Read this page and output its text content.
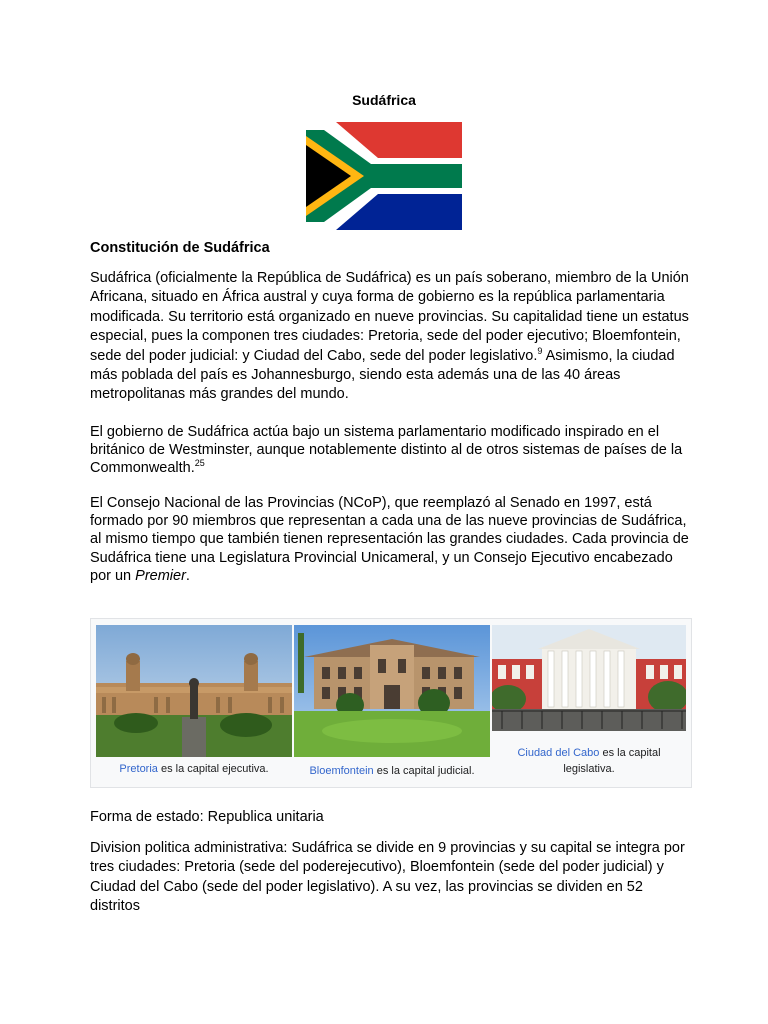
Sudáfrica
Constitución de Sudáfrica

Sudáfrica (oficialmente la República de Sudáfrica) es un país soberano, miembro de la Unión Africana, situado en África austral y cuya forma de gobierno es la república parlamentaria modificada. Su territorio está organizado en nueve provincias. Su capitalidad tiene un estatus especial, pues la componen tres ciudades: Pretoria, sede del poder ejecutivo; Bloemfontein, sede del poder judicial: y Ciudad del Cabo, sede del poder legislativo.$^9$ Asimismo, la ciudad más poblada del país es Johannesburgo, siendo esta además una de las 40 áreas metropolitanas más grandes del mundo.

El gobierno de Sudáfrica actúa bajo un sistema parlamentario modificado inspirado en el británico de Westminster, aunque notablemente distinto al de otros sistemas de países de la Commonwealth.$^{25}$

El Consejo Nacional de las Provincias (NCoP), que reemplazó al Senado en 1997, está formado por 90 miembros que representan a cada una de las nueve provincias de Sudáfrica, al mismo tiempo que también tienen representación las grandes ciudades. Cada provincia de Sudáfrica tiene una Legislatura Provincial Unicameral, y un Consejo Ejecutivo encabezado por un Premier.

Pretoria es la capital ejecutiva.	Bloemfontein es la capital judicial.
Ciudad del Cabo es la capital legislativa.

Forma de estado: Republica unitaria

Division politica administrativa: Sudáfrica se divide en 9 provincias y su capital se integra por tres ciudades: Pretoria (sede del poderejecutivo), Bloemfontein (sede del poder judicial) y Ciudad del Cabo (sede del poder legislativo). A su vez, las provincias se dividen en 52 distritos
